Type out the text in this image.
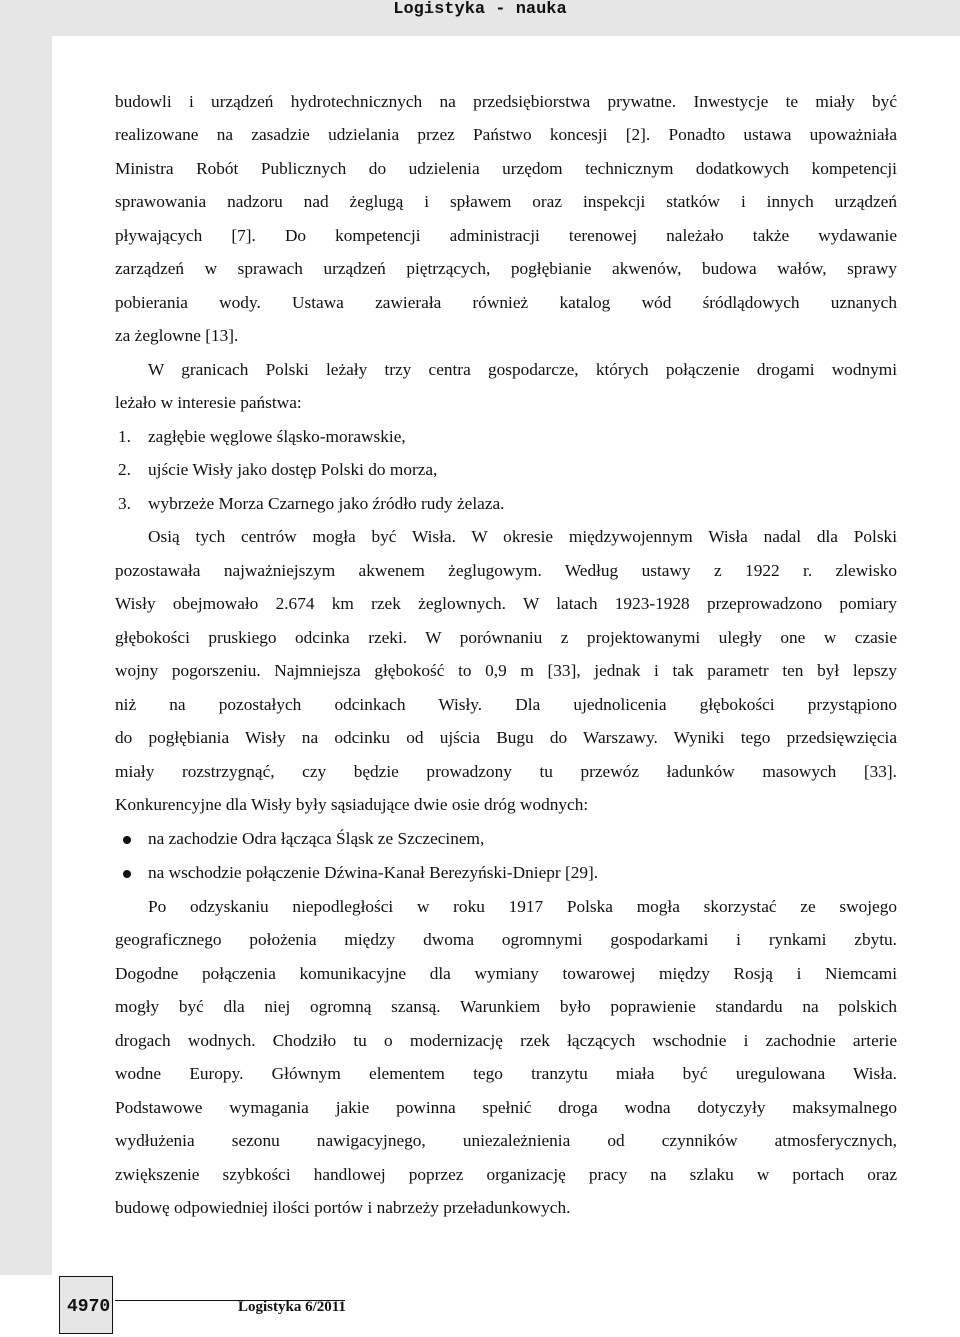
Logistyka - nauka
budowli i urządzeń hydrotechnicznych na przedsiębiorstwa prywatne. Inwestycje te miały być
realizowane na zasadzie udzielania przez Państwo koncesji [2]. Ponadto ustawa upoważniała
Ministra Robót Publicznych do udzielenia urzędom technicznym dodatkowych kompetencji
sprawowania nadzoru nad żeglugą i spławem oraz inspekcji statków i innych urządzeń
pływających [7]. Do kompetencji administracji terenowej należało także wydawanie
zarządzeń w sprawach urządzeń piętrzących, pogłębianie akwenów, budowa wałów, sprawy
pobierania wody. Ustawa zawierała również katalog wód śródlądowych uznanych
za żeglowne [13].
W granicach Polski leżały trzy centra gospodarcze, których połączenie drogami wodnymi
leżało w interesie państwa:
1. zagłębie węglowe śląsko-morawskie,
2. ujście Wisły jako dostęp Polski do morza,
3. wybrzeże Morza Czarnego jako źródło rudy żelaza.
Osią tych centrów mogła być Wisła. W okresie międzywojennym Wisła nadal dla Polski
pozostawała najważniejszym akwenem żeglugowym. Według ustawy z 1922 r. zlewisko
Wisły obejmowało 2.674 km rzek żeglownych. W latach 1923-1928 przeprowadzono pomiary
głębokości pruskiego odcinka rzeki. W porównaniu z projektowanymi uległy one w czasie
wojny pogorszeniu. Najmniejsza głębokość to 0,9 m [33], jednak i tak parametr ten był lepszy
niż na pozostałych odcinkach Wisły. Dla ujednolicenia głębokości przystąpiono
do pogłębiania Wisły na odcinku od ujścia Bugu do Warszawy. Wyniki tego przedsięwzięcia
miały rozstrzygnąć, czy będzie prowadzony tu przewóz ładunków masowych [33].
Konkurencyjne dla Wisły były sąsiadujące dwie osie dróg wodnych:
na zachodzie Odra łącząca Śląsk ze Szczecinem,
na wschodzie połączenie Dźwina-Kanał Berezyński-Dniepr [29].
Po odzyskaniu niepodległości w roku 1917 Polska mogła skorzystać ze swojego
geograficznego położenia między dwoma ogromnymi gospodarkami i rynkami zbytu.
Dogodne połączenia komunikacyjne dla wymiany towarowej między Rosją i Niemcami
mogły być dla niej ogromną szansą. Warunkiem było poprawienie standardu na polskich
drogach wodnych. Chodziło tu o modernizację rzek łączących wschodnie i zachodnie arterie
wodne Europy. Głównym elementem tego tranzytu miała być uregulowana Wisła.
Podstawowe wymagania jakie powinna spełnić droga wodna dotyczyły maksymalnego
wydłużenia sezonu nawigacyjnego, uniezależnienia od czynników atmosferycznych,
zwiększenie szybkości handlowej poprzez organizację pracy na szlaku w portach oraz
budowę odpowiedniej ilości portów i nabrzeży przeładunkowych.
4970	Logistyka 6/2011
